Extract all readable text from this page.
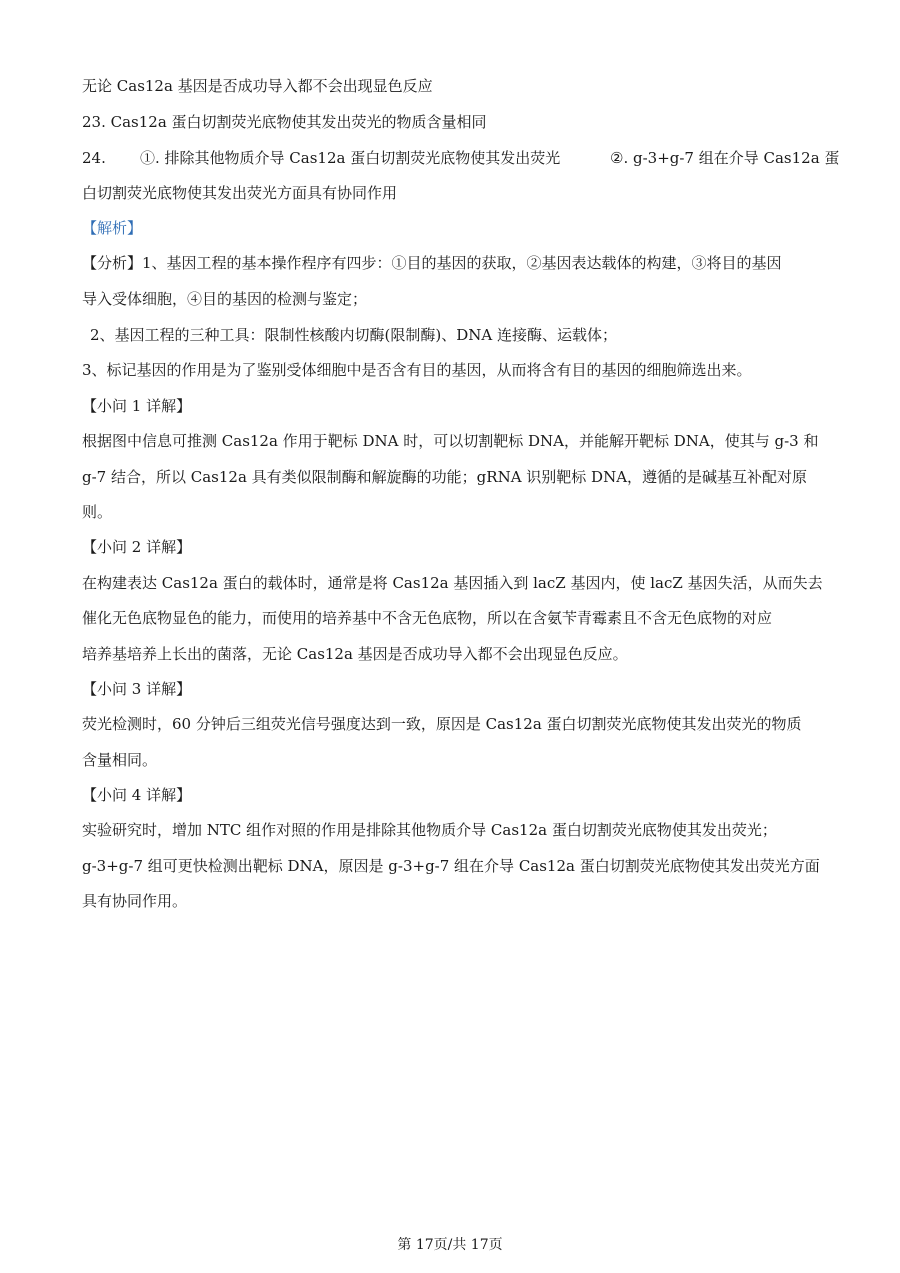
无论 Cas12a 基因是否成功导入都不会出现显色反应
23. Cas12a 蛋白切割荧光底物使其发出荧光的物质含量相同
24. ①. 排除其他物质介导 Cas12a 蛋白切割荧光底物使其发出荧光	②. g-3+g-7 组在介导 Cas12a 蛋
白切割荧光底物使其发出荧光方面具有协同作用
【解析】
【分析】1、基因工程的基本操作程序有四步：①目的基因的获取，②基因表达载体的构建，③将目的基因
导入受体细胞，④目的基因的检测与鉴定；
2、基因工程的三种工具：限制性核酸内切酶(限制酶)、DNA 连接酶、运载体；
3、标记基因的作用是为了鉴别受体细胞中是否含有目的基因，从而将含有目的基因的细胞筛选出来。
【小问 1 详解】
根据图中信息可推测 Cas12a 作用于靶标 DNA 时，可以切割靶标 DNA，并能解开靶标 DNA，使其与 g-3 和
g-7 结合，所以 Cas12a 具有类似限制酶和解旋酶的功能；gRNA 识别靶标 DNA，遵循的是碱基互补配对原
则。
【小问 2 详解】
在构建表达 Cas12a 蛋白的载体时，通常是将 Cas12a 基因插入到 lacZ 基因内，使 lacZ 基因失活，从而失去
催化无色底物显色的能力，而使用的培养基中不含无色底物，所以在含氨苄青霉素且不含无色底物的对应
培养基培养上长出的菌落，无论 Cas12a 基因是否成功导入都不会出现显色反应。
【小问 3 详解】
荧光检测时，60 分钟后三组荧光信号强度达到一致，原因是 Cas12a 蛋白切割荧光底物使其发出荧光的物质
含量相同。
【小问 4 详解】
实验研究时，增加 NTC 组作对照的作用是排除其他物质介导 Cas12a 蛋白切割荧光底物使其发出荧光；
g-3+g-7 组可更快检测出靶标 DNA，原因是 g-3+g-7 组在介导 Cas12a 蛋白切割荧光底物使其发出荧光方面
具有协同作用。
第 17页/共 17页
